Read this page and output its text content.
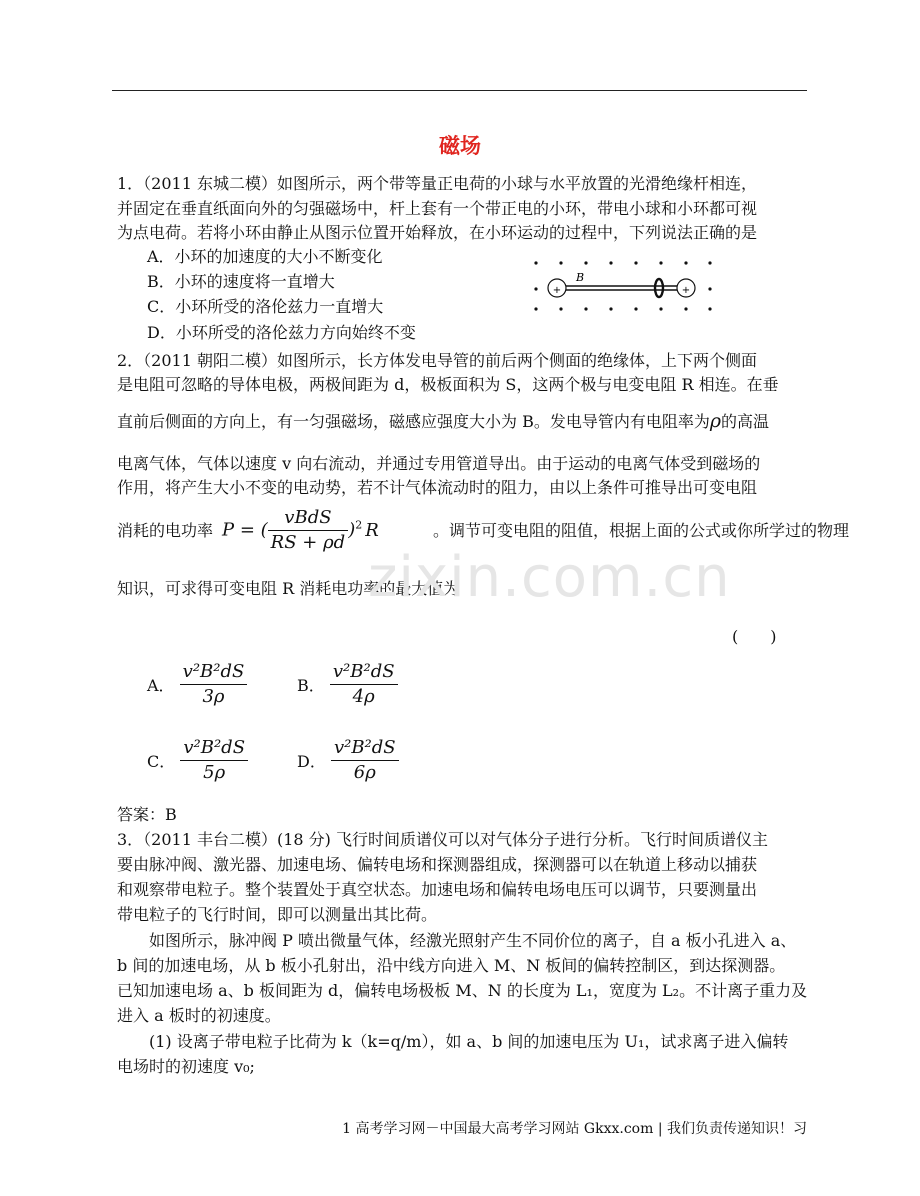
磁场
1．（2011 东城二模）如图所示，两个带等量正电荷的小球与水平放置的光滑绝缘杆相连，
并固定在垂直纸面向外的匀强磁场中，杆上套有一个带正电的小环，带电小球和小环都可视
为点电荷。若将小环由静止从图示位置开始释放，在小环运动的过程中，下列说法正确的是
A．小环的加速度的大小不断变化
B．小环的速度将一直增大
C．小环所受的洛伦兹力一直增大
D．小环所受的洛伦兹力方向始终不变
+	+
B
2．（2011 朝阳二模）如图所示，长方体发电导管的前后两个侧面的绝缘体，上下两个侧面
是电阻可忽略的导体电极，两极间距为 d，极板面积为 S，这两个极与电变电阻 R 相连。在垂
直前后侧面的方向上，有一匀强磁场，磁感应强度大小为 B。发电导管内有电阻率为ρ的高温
电离气体，气体以速度 v 向右流动，并通过专用管道导出。由于运动的电离气体受到磁场的
作用，将产生大小不变的电动势，若不计气体流动时的阻力，由以上条件可推导出可变电阻
消耗的电功率 P = ( $\frac{\text{vBdS}}{RS + \rho d} )^2$ R	。调节可变电阻的阻值，根据上面的公式或你所学过的物理
知识，可求得可变电阻 R 消耗电功率的最大值为
(　　)
A． $\frac{\text{v²B²dS}}{3\rho}$	B． $\frac{\text{v²B²dS}}{4\rho}$
C． $\frac{\text{v²B²dS}}{5\rho}$	D． $\frac{\text{v²B²dS}}{6\rho}$
答案：B
3．（2011 丰台二模）(18 分) 飞行时间质谱仪可以对气体分子进行分析。飞行时间质谱仪主
要由脉冲阀、激光器、加速电场、偏转电场和探测器组成，探测器可以在轨道上移动以捕获
和观察带电粒子。整个装置处于真空状态。加速电场和偏转电场电压可以调节，只要测量出
带电粒子的飞行时间，即可以测量出其比荷。
　　如图所示，脉冲阀 P 喷出微量气体，经激光照射产生不同价位的离子，自 a 板小孔进入 a、
b 间的加速电场，从 b 板小孔射出，沿中线方向进入 M、N 板间的偏转控制区，到达探测器。
已知加速电场 a、b 板间距为 d，偏转电场极板 M、N 的长度为 L₁，宽度为 L₂。不计离子重力及
进入 a 板时的初速度。
　　(1) 设离子带电粒子比荷为 k（k=q/m），如 a、b 间的加速电压为 U₁，试求离子进入偏转
电场时的初速度 v₀;
zixin.com.cn
1 高考学习网－中国最大高考学习网站 Gkxx.com | 我们负责传递知识！习
